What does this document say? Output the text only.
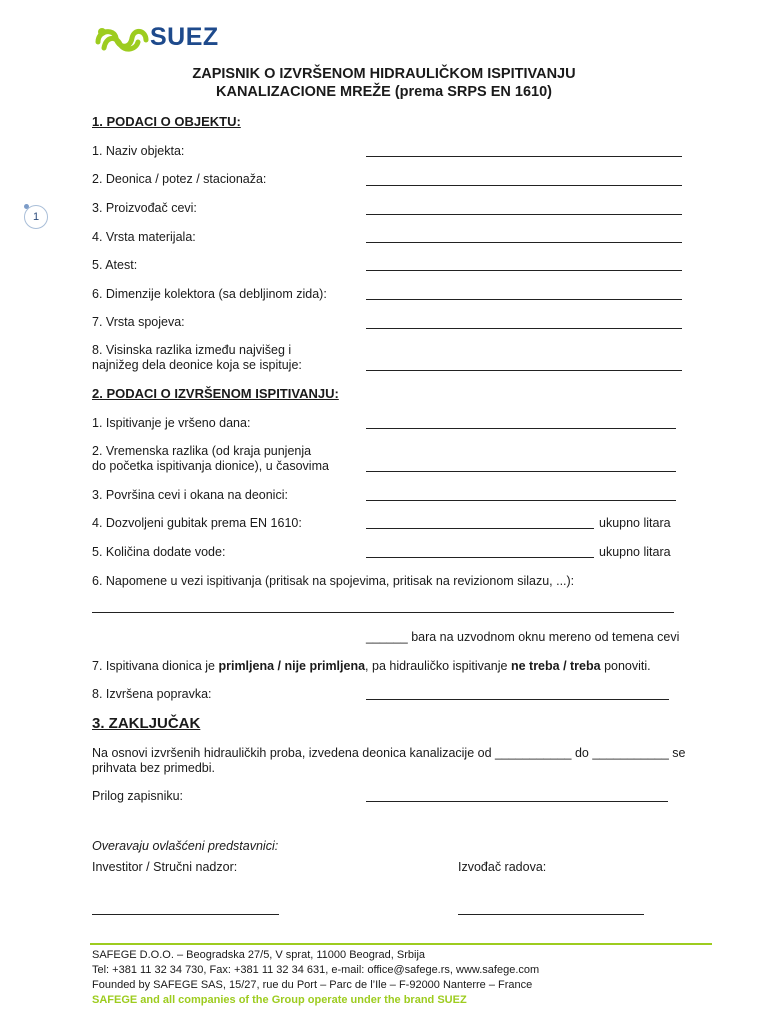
SUEZ
ZAPISNIK O IZVRŠENOM HIDRAULIČKOM ISPITIVANJU
KANALIZACIONE MREŽE (prema SRPS EN 1610)
1
1. PODACI O OBJEKTU:
1. Naziv objekta:
2. Deonica / potez / stacionaža:
3. Proizvođač cevi:
4. Vrsta materijala:
5. Atest:
6. Dimenzije kolektora (sa debljinom zida):
7. Vrsta spojeva:
8. Visinska razlika između najvišeg i
najnižeg dela deonice koja se ispituje:
2. PODACI O IZVRŠENOM ISPITIVANJU:
1. Ispitivanje je vršeno dana:
2. Vremenska razlika (od kraja punjenja
do početka ispitivanja dionice), u časovima
3. Površina cevi i okana na deonici:
4. Dozvoljeni gubitak prema EN 1610:	ukupno litara
5. Količina dodate vode:	ukupno litara
6. Napomene u vezi ispitivanja (pritisak na spojevima, pritisak na revizionom silazu, ...):
______ bara na uzvodnom oknu mereno od temena cevi
7. Ispitivana dionica je primljena / nije primljena, pa hidrauličko ispitivanje ne treba / treba ponoviti.
8. Izvršena popravka:
3. ZAKLJUČAK
Na osnovi izvršenih hidrauličkih proba, izvedena deonica kanalizacije od ___________ do ___________ se
prihvata bez primedbi.
Prilog zapisniku:
Overavaju ovlašćeni predstavnici:
Investitor / Stručni nadzor:	Izvođač radova:
SAFEGE D.O.O. – Beogradska 27/5, V sprat, 11000 Beograd, Srbija
Tel: +381 11 32 34 730, Fax: +381 11 32 34 631, e-mail: office@safege.rs, www.safege.com
Founded by SAFEGE SAS, 15/27, rue du Port – Parc de l’Ile – F-92000 Nanterre – France
SAFEGE and all companies of the Group operate under the brand SUEZ
